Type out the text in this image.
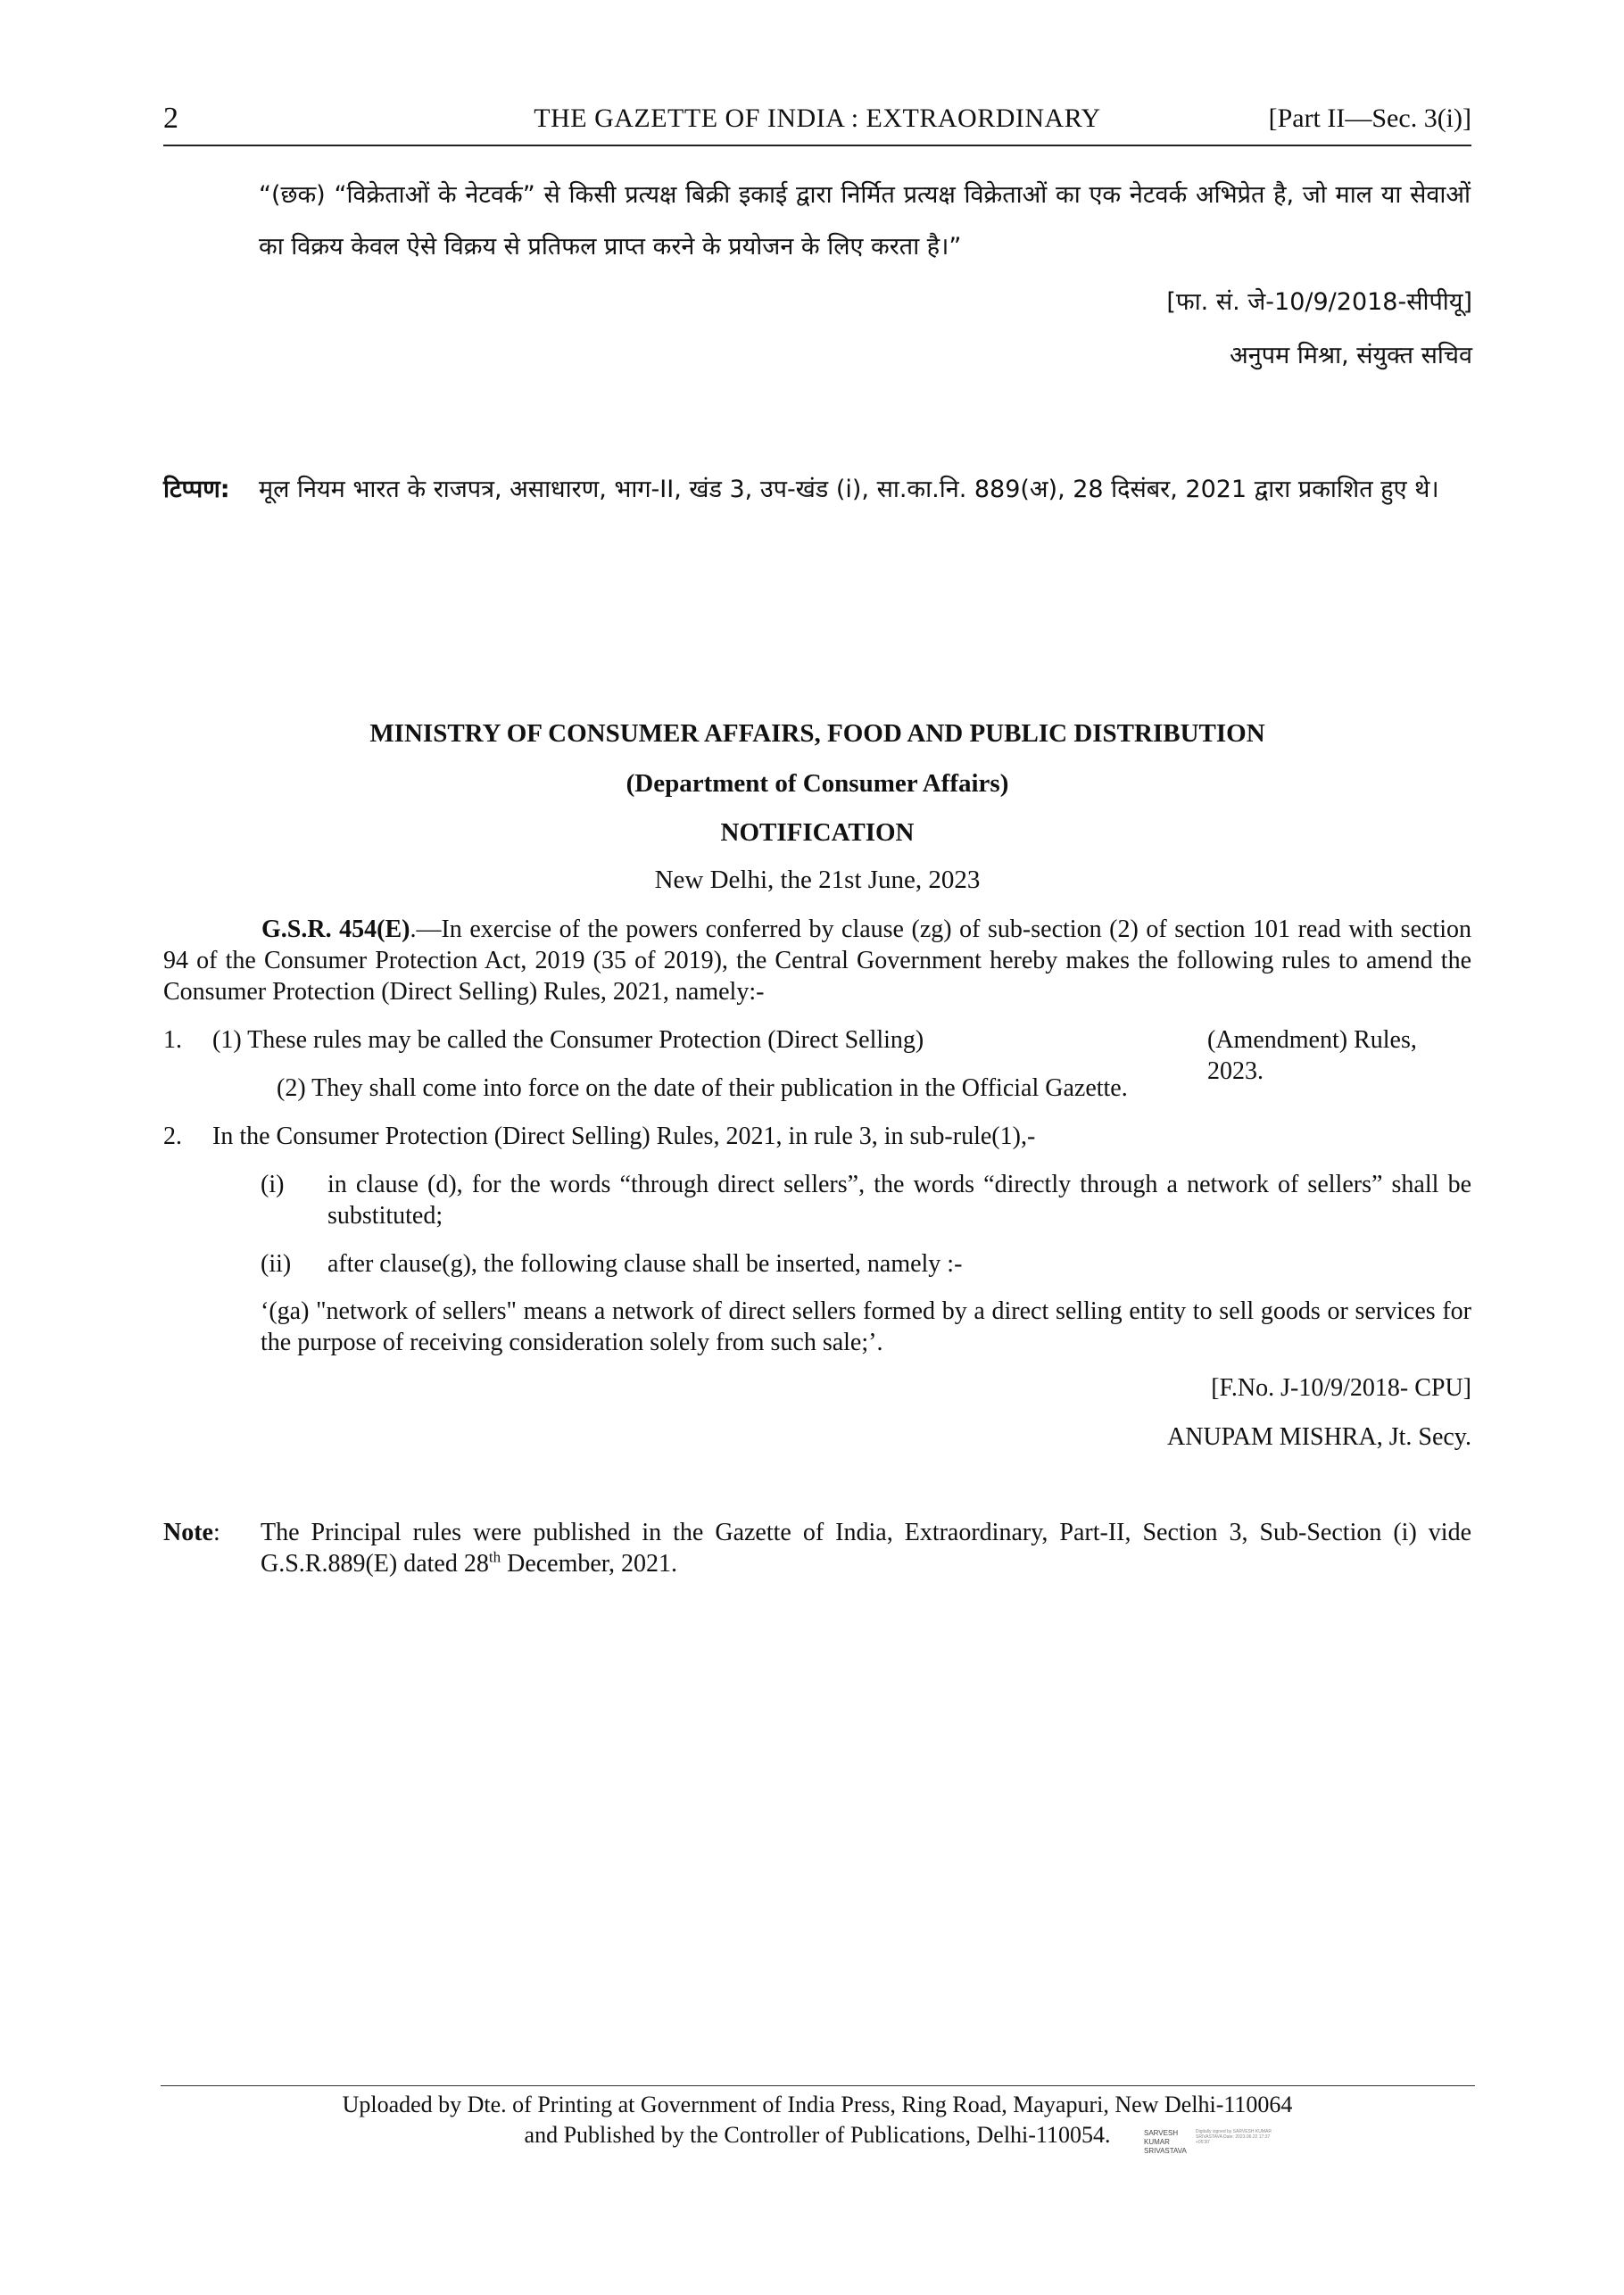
2	THE GAZETTE OF INDIA : EXTRAORDINARY	[Part II—Sec. 3(i)]
“(छक) “विक्रेताओं के नेटवर्क” से किसी प्रत्यक्ष बिक्री इकाई द्वारा निर्मित प्रत्यक्ष विक्रेताओं का एक नेटवर्क अभिप्रेत है, जो माल या सेवाओं का विक्रय केवल ऐसे विक्रय से प्रतिफल प्राप्त करने के प्रयोजन के लिए करता है।”
[फा. सं. जे-10/9/2018-सीपीयू]
अनुपम मिश्रा, संयुक्त सचिव
टिप्पण: मूल नियम भारत के राजपत्र, असाधारण, भाग-II, खंड 3, उप-खंड (i), सा.का.नि. 889(अ), 28 दिसंबर, 2021 द्वारा प्रकाशित हुए थे।
MINISTRY OF CONSUMER AFFAIRS, FOOD AND PUBLIC DISTRIBUTION
(Department of Consumer Affairs)
NOTIFICATION
New Delhi, the 21st June, 2023
G.S.R. 454(E).—In exercise of the powers conferred by clause (zg) of sub-section (2) of section 101 read with section 94 of the Consumer Protection Act, 2019 (35 of 2019), the Central Government hereby makes the following rules to amend the Consumer Protection (Direct Selling) Rules, 2021, namely:-
1. (1) These rules may be called the Consumer Protection (Direct Selling)	(Amendment) Rules, 2023.
(2) They shall come into force on the date of their publication in the Official Gazette.
2. In the Consumer Protection (Direct Selling) Rules, 2021, in rule 3, in sub-rule(1),-
(i) in clause (d), for the words “through direct sellers”, the words “directly through a network of sellers” shall be substituted;
(ii) after clause(g), the following clause shall be inserted, namely :-
‘(ga) "network of sellers" means a network of direct sellers formed by a direct selling entity to sell goods or services for the purpose of receiving consideration solely from such sale;’.
[F.No. J-10/9/2018- CPU]
ANUPAM MISHRA, Jt. Secy.
Note: The Principal rules were published in the Gazette of India, Extraordinary, Part-II, Section 3, Sub-Section (i) vide G.S.R.889(E) dated 28th December, 2021.
Uploaded by Dte. of Printing at Government of India Press, Ring Road, Mayapuri, New Delhi-110064
and Published by the Controller of Publications, Delhi-110054.	SARVESH KUMAR SRIVASTAVA
Digitally signed by SARVESH KUMAR SRIVASTAVA Date: 2023.06.22 17:37 +05'30'
